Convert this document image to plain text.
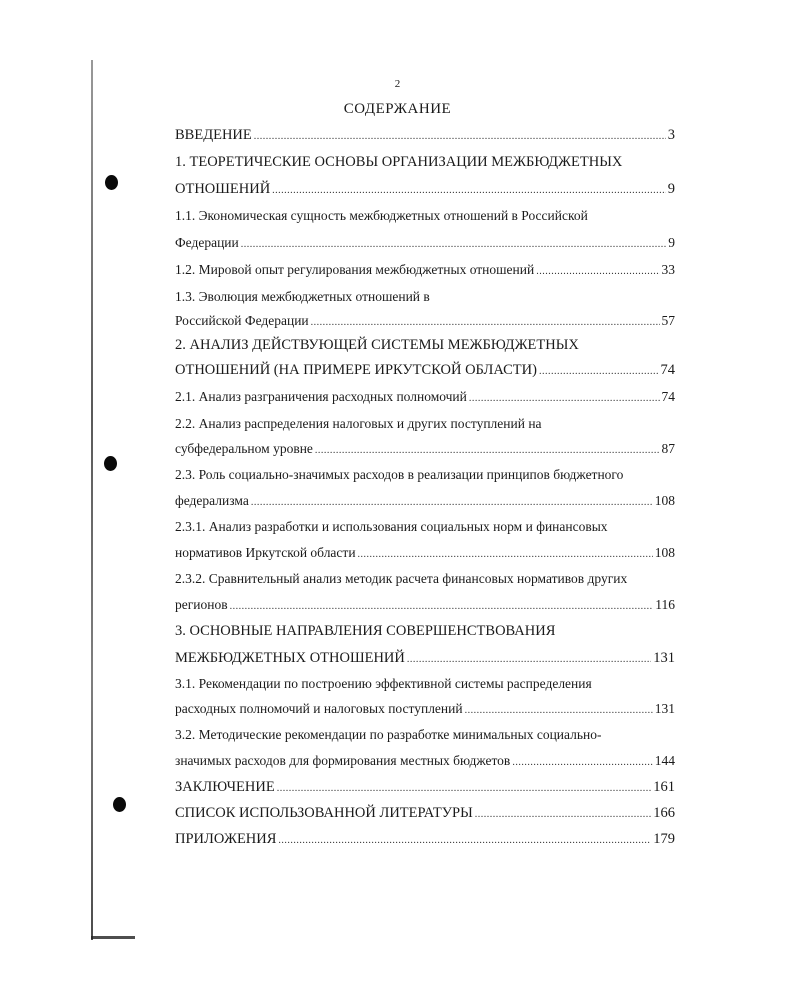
2
СОДЕРЖАНИЕ
ВВЕДЕНИЕ .....	3
1. ТЕОРЕТИЧЕСКИЕ ОСНОВЫ ОРГАНИЗАЦИИ МЕЖБЮДЖЕТНЫХ
ОТНОШЕНИЙ .....	9
1.1. Экономическая сущность межбюджетных отношений в Российской
Федерации .....	9
1.2. Мировой опыт регулирования межбюджетных отношений .....	33
1.3. Эволюция межбюджетных отношений в
Российской Федерации .....	57
2. АНАЛИЗ ДЕЙСТВУЮЩЕЙ СИСТЕМЫ МЕЖБЮДЖЕТНЫХ
ОТНОШЕНИЙ (НА ПРИМЕРЕ ИРКУТСКОЙ ОБЛАСТИ) .....	74
2.1. Анализ разграничения расходных полномочий .....	74
2.2. Анализ распределения налоговых и других поступлений на
субфедеральном уровне .....	87
2.3. Роль социально-значимых расходов в реализации принципов бюджетного
федерализма .....	108
2.3.1. Анализ разработки и использования социальных норм и финансовых
нормативов Иркутской области .....	108
2.3.2. Сравнительный анализ методик расчета финансовых нормативов других
регионов .....	116
3. ОСНОВНЫЕ НАПРАВЛЕНИЯ СОВЕРШЕНСТВОВАНИЯ
МЕЖБЮДЖЕТНЫХ ОТНОШЕНИЙ .....	131
3.1. Рекомендации по построению эффективной системы распределения
расходных полномочий и налоговых поступлений .....	131
3.2. Методические рекомендации по разработке минимальных социально-
значимых расходов для формирования местных бюджетов .....	144
ЗАКЛЮЧЕНИЕ .....	161
СПИСОК ИСПОЛЬЗОВАННОЙ ЛИТЕРАТУРЫ .....	166
ПРИЛОЖЕНИЯ .....	179
